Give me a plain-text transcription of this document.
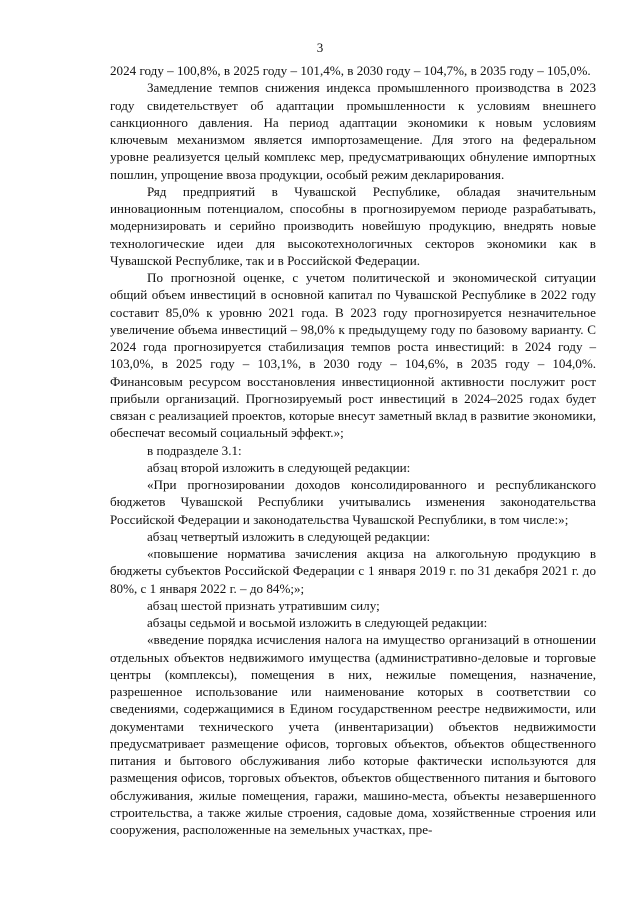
3

2024 году – 100,8%, в 2025 году – 101,4%, в 2030 году – 104,7%, в 2035 году – 105,0%.

Замедление темпов снижения индекса промышленного производства в 2023 году свидетельствует об адаптации промышленности к условиям внешнего санкционного давления. На период адаптации экономики к новым условиям ключевым механизмом является импортозамещение. Для этого на федеральном уровне реализуется целый комплекс мер, предусматривающих обнуление импортных пошлин, упрощение ввоза продукции, особый режим декларирования.

Ряд предприятий в Чувашской Республике, обладая значительным инновационным потенциалом, способны в прогнозируемом периоде разрабатывать, модернизировать и серийно производить новейшую продукцию, внедрять новые технологические идеи для высокотехнологичных секторов экономики как в Чувашской Республике, так и в Российской Федерации.

По прогнозной оценке, с учетом политической и экономической ситуации общий объем инвестиций в основной капитал по Чувашской Республике в 2022 году составит 85,0% к уровню 2021 года. В 2023 году прогнозируется незначительное увеличение объема инвестиций – 98,0% к предыдущему году по базовому варианту. С 2024 года прогнозируется стабилизация темпов роста инвестиций: в 2024 году – 103,0%, в 2025 году – 103,1%, в 2030 году – 104,6%, в 2035 году – 104,0%. Финансовым ресурсом восстановления инвестиционной активности послужит рост прибыли организаций. Прогнозируемый рост инвестиций в 2024–2025 годах будет связан с реализацией проектов, которые внесут заметный вклад в развитие экономики, обеспечат весомый социальный эффект.»;

в подразделе 3.1:

абзац второй изложить в следующей редакции:

«При прогнозировании доходов консолидированного и республиканского бюджетов Чувашской Республики учитывались изменения законодательства Российской Федерации и законодательства Чувашской Республики, в том числе:»;

абзац четвертый изложить в следующей редакции:

«повышение норматива зачисления акциза на алкогольную продукцию в бюджеты субъектов Российской Федерации с 1 января 2019 г. по 31 декабря 2021 г. до 80%, с 1 января 2022 г. – до 84%;»;

абзац шестой признать утратившим силу;

абзацы седьмой и восьмой изложить в следующей редакции:

«введение порядка исчисления налога на имущество организаций в отношении отдельных объектов недвижимого имущества (административно-деловые и торговые центры (комплексы), помещения в них, нежилые помещения, назначение, разрешенное использование или наименование которых в соответствии со сведениями, содержащимися в Едином государственном реестре недвижимости, или документами технического учета (инвентаризации) объектов недвижимости предусматривает размещение офисов, торговых объектов, объектов общественного питания и бытового обслуживания либо которые фактически используются для размещения офисов, торговых объектов, объектов общественного питания и бытового обслуживания, жилые помещения, гаражи, машино-места, объекты незавершенного строительства, а также жилые строения, садовые дома, хозяйственные строения или сооружения, расположенные на земельных участках, пре-
